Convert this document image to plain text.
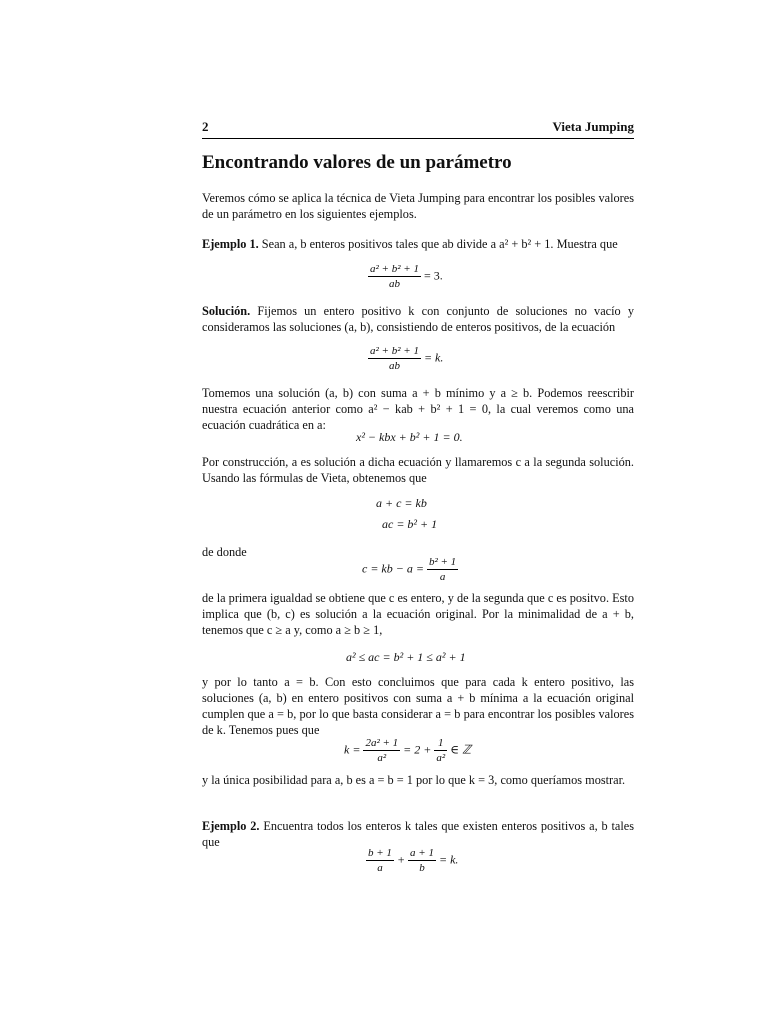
2	Vieta Jumping
Encontrando valores de un parámetro

Veremos cómo se aplica la técnica de Vieta Jumping para encontrar los posibles valores de un parámetro en los siguientes ejemplos.

Ejemplo 1. Sean a, b enteros positivos tales que ab divide a a² + b² + 1. Muestra que

$\frac{\text{a² + b² + 1}}{ab} = 3$.

Solución. Fijemos un entero positivo k con conjunto de soluciones no vacío y consideramos las soluciones (a, b), consistiendo de enteros positivos, de la ecuación

$\frac{\text{a² + b² + 1}}{ab} = k$.

Tomemos una solución (a, b) con suma a + b mínimo y a ≥ b. Podemos reescribir nuestra ecuación anterior como a² − kab + b² + 1 = 0, la cual veremos como una ecuación cuadrática en a:

x² − kbx + b² + 1 = 0.

Por construcción, a es solución a dicha ecuación y llamaremos c a la segunda solución. Usando las fórmulas de Vieta, obtenemos que

a + c = kb
ac = b² + 1
de donde
c = kb − $a = \frac{\text{b² + 1}}{a}$

de la primera igualdad se obtiene que c es entero, y de la segunda que c es positvo. Esto implica que (b, c) es solución a la ecuación original. Por la minimalidad de a + b, tenemos que c ≥ a y, como a ≥ b ≥ 1,

a² ≤ ac = b² + 1 ≤ a² + 1

y por lo tanto a = b. Con esto concluimos que para cada k entero positivo, las soluciones (a, b) en entero positivos con suma a + b mínima a la ecuación original cumplen que a = b, por lo que basta considerar a = b para encontrar los posibles valores de k. Tenemos pues que

$k = \frac{\text{2a² + 1}}{\text{a²}} = 2 + \frac{1}{\text{a²}}$ ∈ ℤ

y la única posibilidad para a, b es a = b = 1 por lo que k = 3, como queríamos mostrar.

Ejemplo 2. Encuentra todos los enteros k tales que existen enteros positivos a, b tales que

$\frac{b + 1}{a} + \frac{a + 1}{b} = k$.
